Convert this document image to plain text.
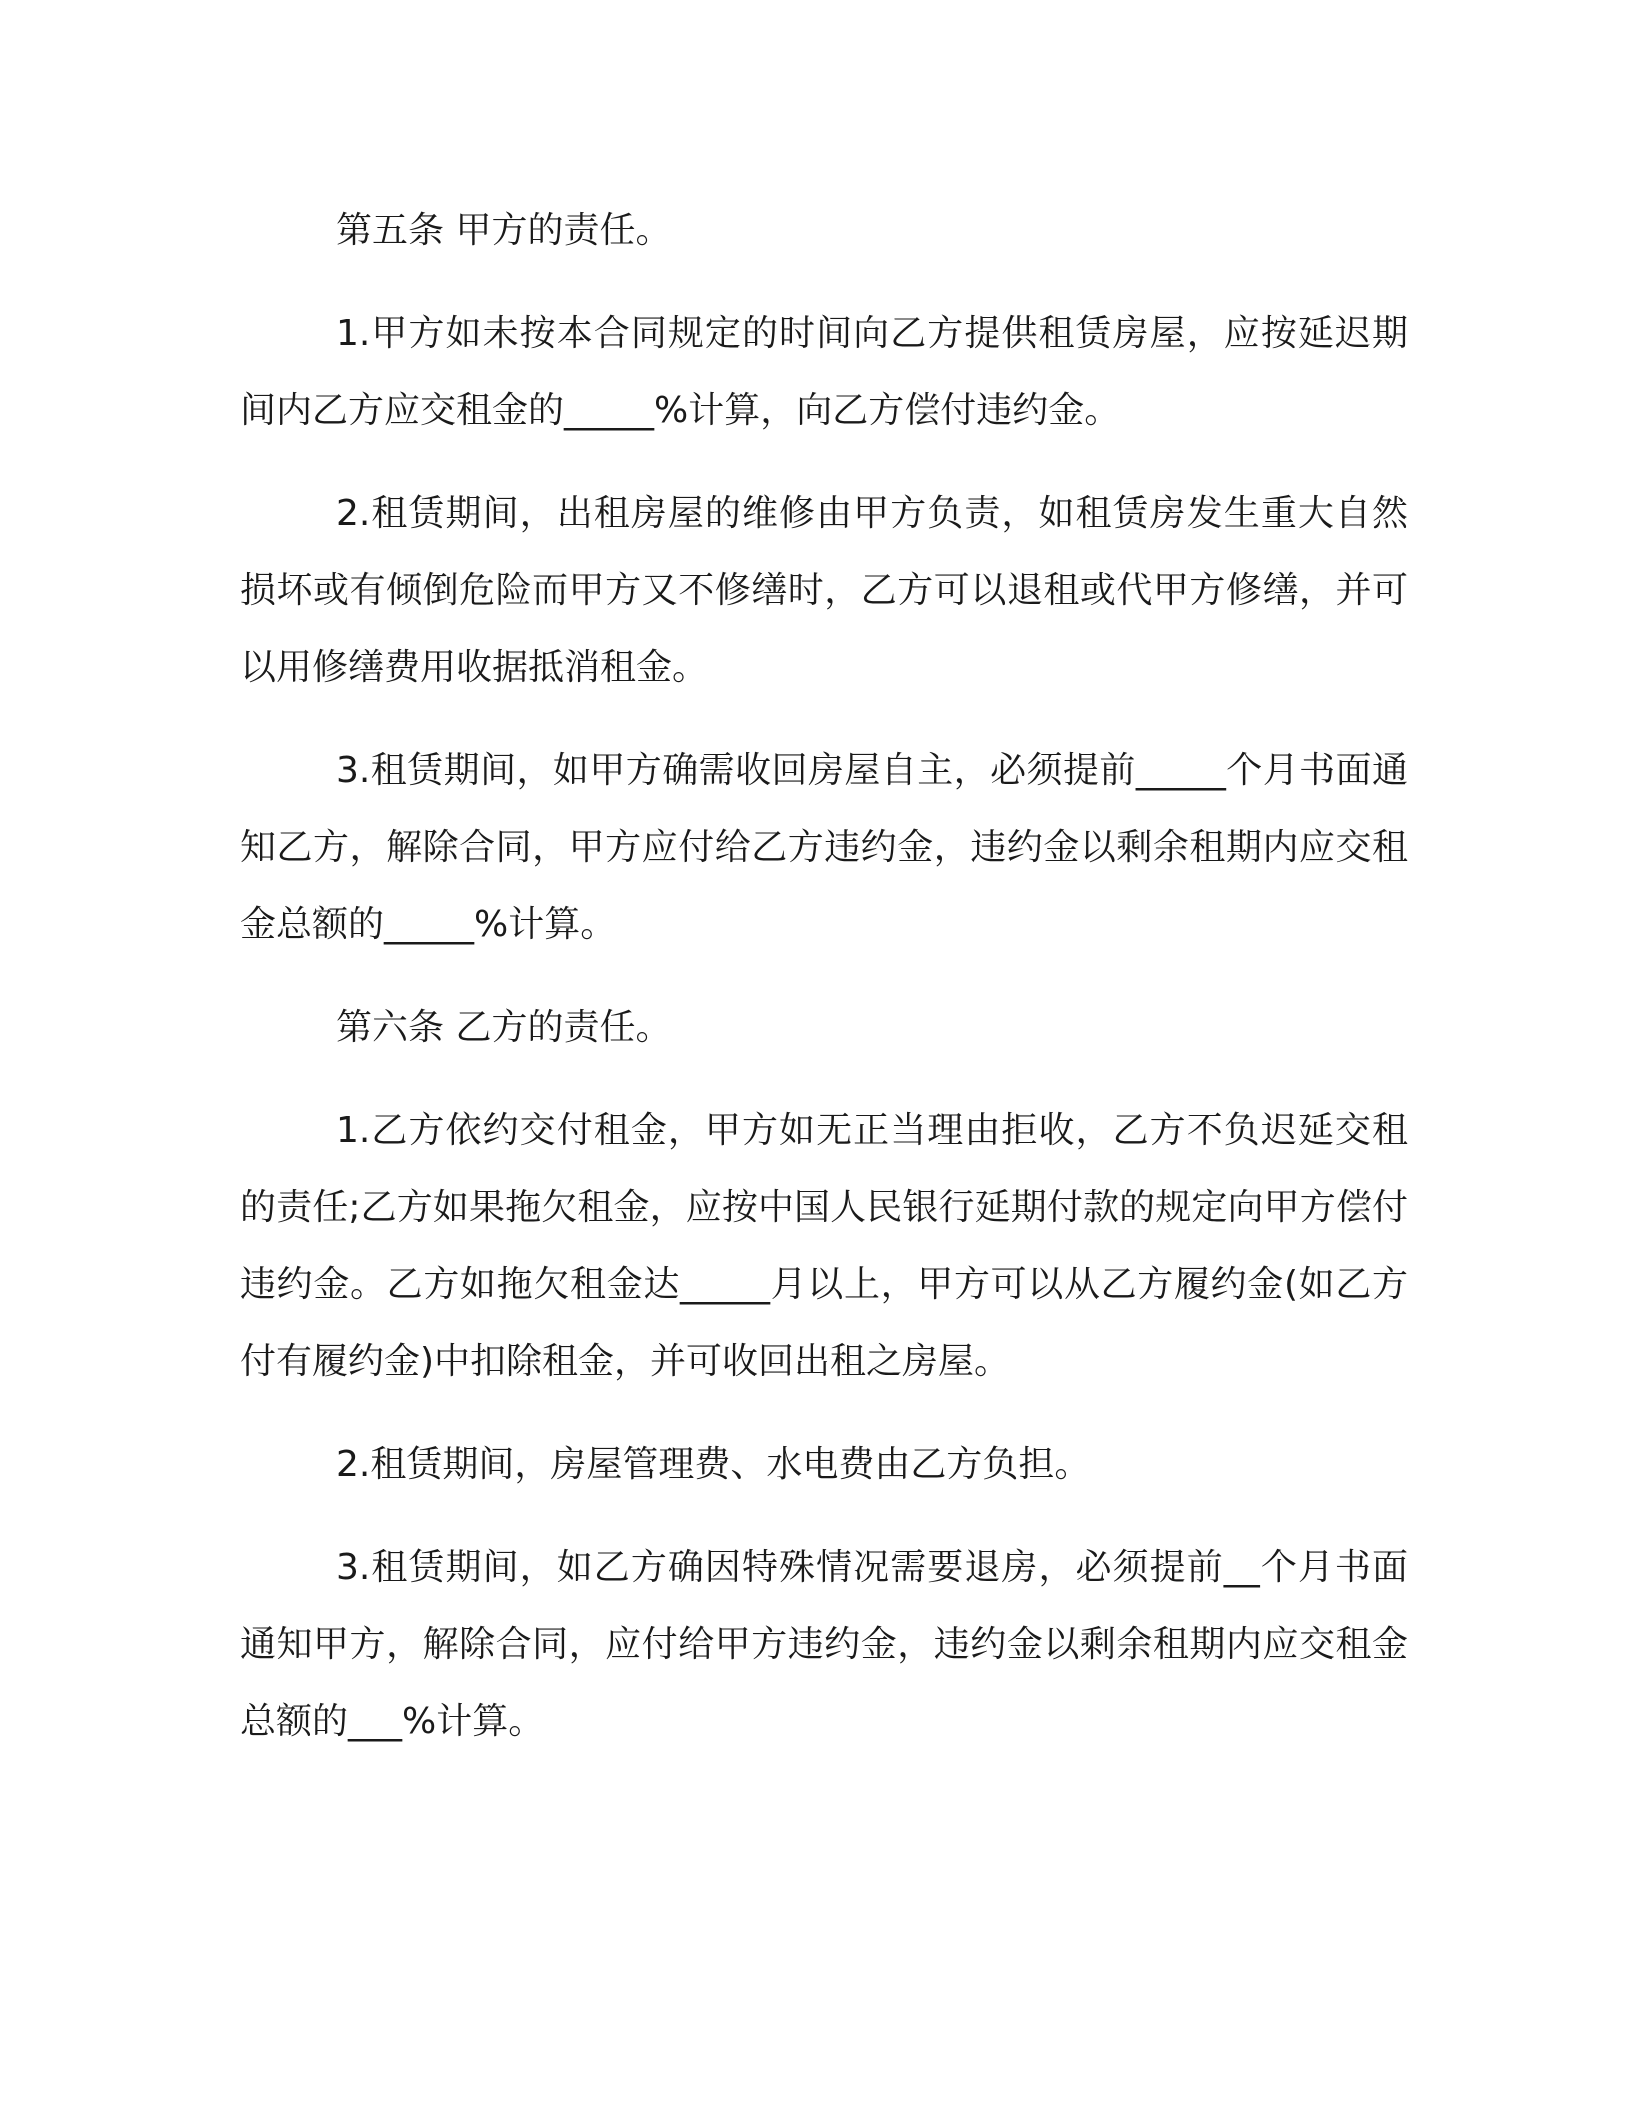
第五条 甲方的责任。

1.甲方如未按本合同规定的时间向乙方提供租赁房屋，应按延迟期间内乙方应交租金的_____%计算，向乙方偿付违约金。

2.租赁期间，出租房屋的维修由甲方负责，如租赁房发生重大自然损坏或有倾倒危险而甲方又不修缮时，乙方可以退租或代甲方修缮，并可以用修缮费用收据抵消租金。

3.租赁期间，如甲方确需收回房屋自主，必须提前_____个月书面通知乙方，解除合同，甲方应付给乙方违约金，违约金以剩余租期内应交租金总额的_____%计算。

第六条 乙方的责任。

1.乙方依约交付租金，甲方如无正当理由拒收，乙方不负迟延交租的责任;乙方如果拖欠租金，应按中国人民银行延期付款的规定向甲方偿付违约金。乙方如拖欠租金达_____月以上，甲方可以从乙方履约金(如乙方付有履约金)中扣除租金，并可收回出租之房屋。

2.租赁期间，房屋管理费、水电费由乙方负担。

3.租赁期间，如乙方确因特殊情况需要退房，必须提前__个月书面通知甲方，解除合同，应付给甲方违约金，违约金以剩余租期内应交租金总额的___%计算。
